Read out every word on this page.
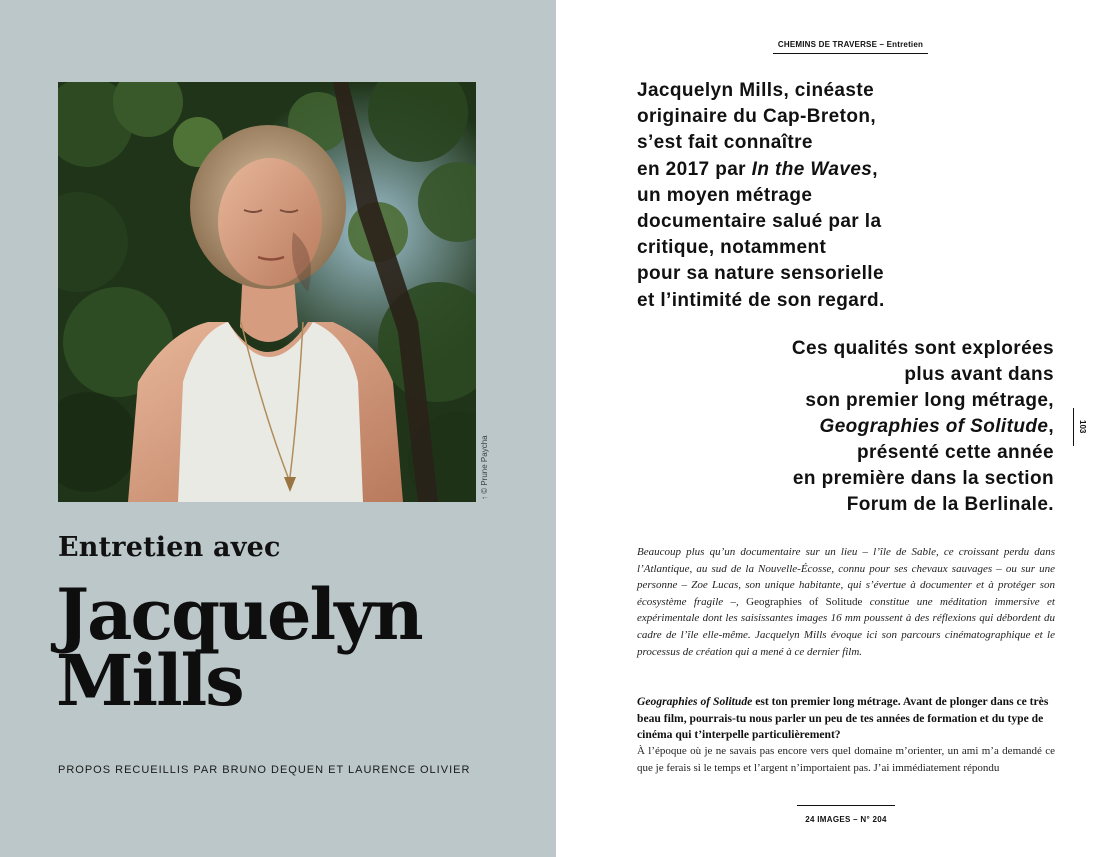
↑ © Prune Paycha
Entretien avec
Jacquelyn
Mills
PROPOS RECUEILLIS PAR BRUNO DEQUEN ET LAURENCE OLIVIER
CHEMINS DE TRAVERSE – Entretien
Jacquelyn Mills, cinéaste
originaire du Cap-Breton,
s’est fait connaître
en 2017 par In the Waves,
un moyen métrage
documentaire salué par la
critique, notamment
pour sa nature sensorielle
et l’intimité de son regard.
Ces qualités sont explorées
plus avant dans
son premier long métrage,
Geographies of Solitude,
présenté cette année
en première dans la section
Forum de la Berlinale.
103
Beaucoup plus qu’un documentaire sur un lieu – l’île de Sable, ce croissant perdu dans l’Atlantique, au sud de la Nouvelle-Écosse, connu pour ses chevaux sauvages – ou sur une personne – Zoe Lucas, son unique habitante, qui s’évertue à documenter et à protéger son écosystème fragile –, Geographies of Solitude constitue une méditation immersive et expérimentale dont les saisissantes images 16 mm poussent à des réflexions qui débordent du cadre de l’île elle-même. Jacquelyn Mills évoque ici son parcours cinématographique et le processus de création qui a mené à ce dernier film.
Geographies of Solitude est ton premier long métrage. Avant de plonger dans ce très beau film, pourrais-tu nous parler un peu de tes années de formation et du type de cinéma qui t’interpelle particulièrement?
À l’époque où je ne savais pas encore vers quel domaine m’orienter, un ami m’a demandé ce que je ferais si le temps et l’argent n’importaient pas. J’ai immédiatement répondu
24 IMAGES – N° 204
